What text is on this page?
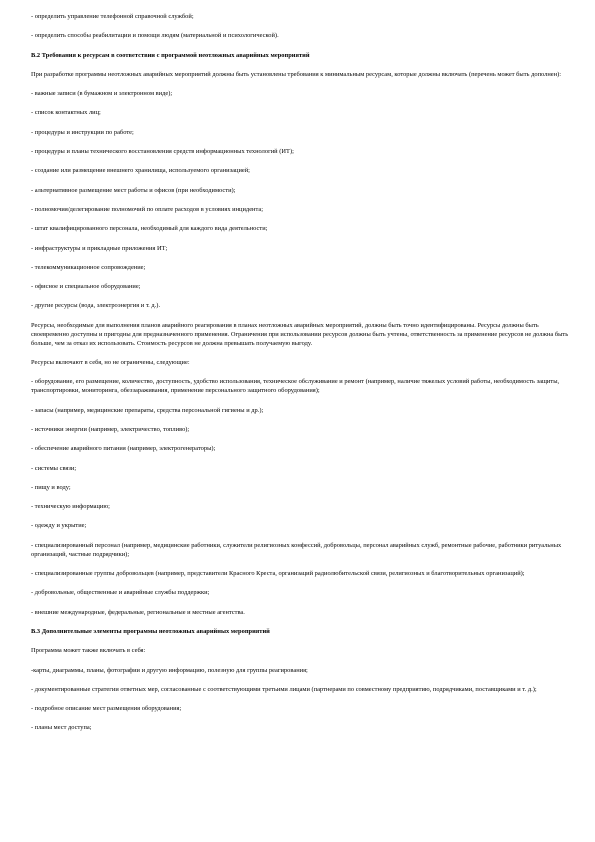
- определить управление телефонной справочной службой;

- определить способы реабилитации и помощи людям (материальной и психологической).

В.2 Требования к ресурсам в соответствии с программой неотложных аварийных мероприятий

При разработке программы неотложных аварийных мероприятий должны быть установлены требования к минимальным ресурсам, которые должны включать (перечень может быть дополнен):

- важные записи (в бумажном и электронном виде);

- список контактных лиц;

- процедуры и инструкции по работе;

- процедуры и планы технического восстановления средств информационных технологий (ИТ);

- создание или размещение внешнего хранилища, используемого организацией;

- альтернативное размещение мест работы и офисов (при необходимости);

- полномочия/делегирование полномочий по оплате расходов в условиях инцидента;

- штат квалифицированного персонала, необходимый для каждого вида деятельности;

- инфраструктуры и прикладные приложения ИТ;

- телекоммуникационное сопровождение;

- офисное и специальное оборудование;

- другие ресурсы (вода, электроэнергия и т. д.).

Ресурсы, необходимые для выполнения планов аварийного реагирования в планах неотложных аварийных мероприятий, должны быть точно идентифицированы. Ресурсы должны быть своевременно доступны и пригодны для предназначенного применения. Ограничения при использовании ресурсов должны быть учтены, ответственность за применение ресурсов не должна быть больше, чем за отказ их использовать. Стоимость ресурсов не должна превышать получаемую выгоду.

Ресурсы включают в себя, но не ограничены, следующие:

- оборудование, его размещение, количество, доступность, удобство использования, техническое обслуживание и ремонт (например, наличие тяжелых условий работы, необходимость защиты, транспортировки, мониторинга, обеззараживания, применение персонального защитного оборудования);

- запасы (например, медицинские препараты, средства персональной гигиены и др.);

- источники энергии (например, электричество, топливо);

- обеспечение аварийного питания (например, электрогенераторы);

- системы связи;

- пищу и воду;

- техническую информацию;

- одежду и укрытие;

- специализированный персонал (например, медицинские работники, служители религиозных конфессий, добровольцы, персонал аварийных служб, ремонтные рабочие, работники ритуальных организаций, частные подрядчики);

- специализированные группы добровольцев (например, представители Красного Креста, организаций радиолюбительской связи, религиозных и благотворительных организаций);

- добровольные, общественные и аварийные службы поддержки;

- внешние международные, федеральные, региональные и местные агентства.

В.3 Дополнительные элементы программы неотложных аварийных мероприятий

Программа может также включать в себя:

-карты, диаграммы, планы, фотографии и другую информацию, полезную для группы реагирования;

- документированные стратегии ответных мер, согласованные с соответствующими третьими лицами (партнерами по совместному предприятию, подрядчиками, поставщиками и т. д.);

- подробное описание мест размещения оборудования;

- планы мест доступа;
